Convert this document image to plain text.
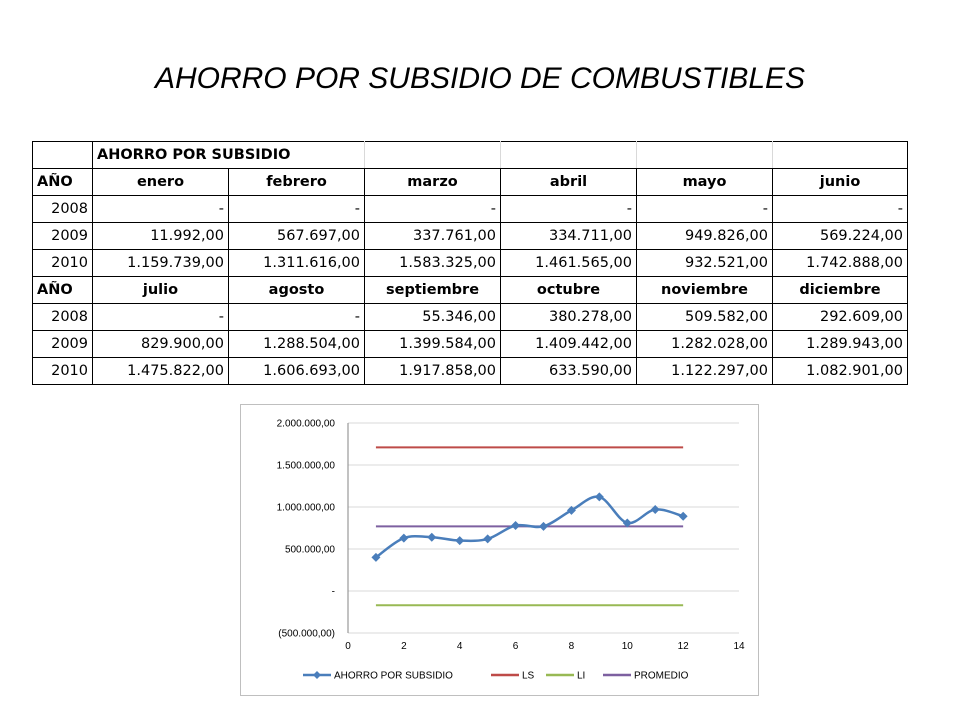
AHORRO POR SUBSIDIO DE COMBUSTIBLES
	AHORRO POR SUBSIDIO					
AÑO	enero	febrero	marzo	abril	mayo	junio
2008	-	-	-	-	-	-
2009	11.992,00	567.697,00	337.761,00	334.711,00	949.826,00	569.224,00
2010	1.159.739,00	1.311.616,00	1.583.325,00	1.461.565,00	932.521,00	1.742.888,00
AÑO	julio	agosto	septiembre	octubre	noviembre	diciembre
2008	-	-	55.346,00	380.278,00	509.582,00	292.609,00
2009	829.900,00	1.288.504,00	1.399.584,00	1.409.442,00	1.282.028,00	1.289.943,00
2010	1.475.822,00	1.606.693,00	1.917.858,00	633.590,00	1.122.297,00	1.082.901,00
(500.000,00)
-
500.000,00
1.000.000,00
1.500.000,00
2.000.000,00
0	2	4	6	8	10	12	14
AHORRO POR SUBSIDIO	LS	LI	PROMEDIO
